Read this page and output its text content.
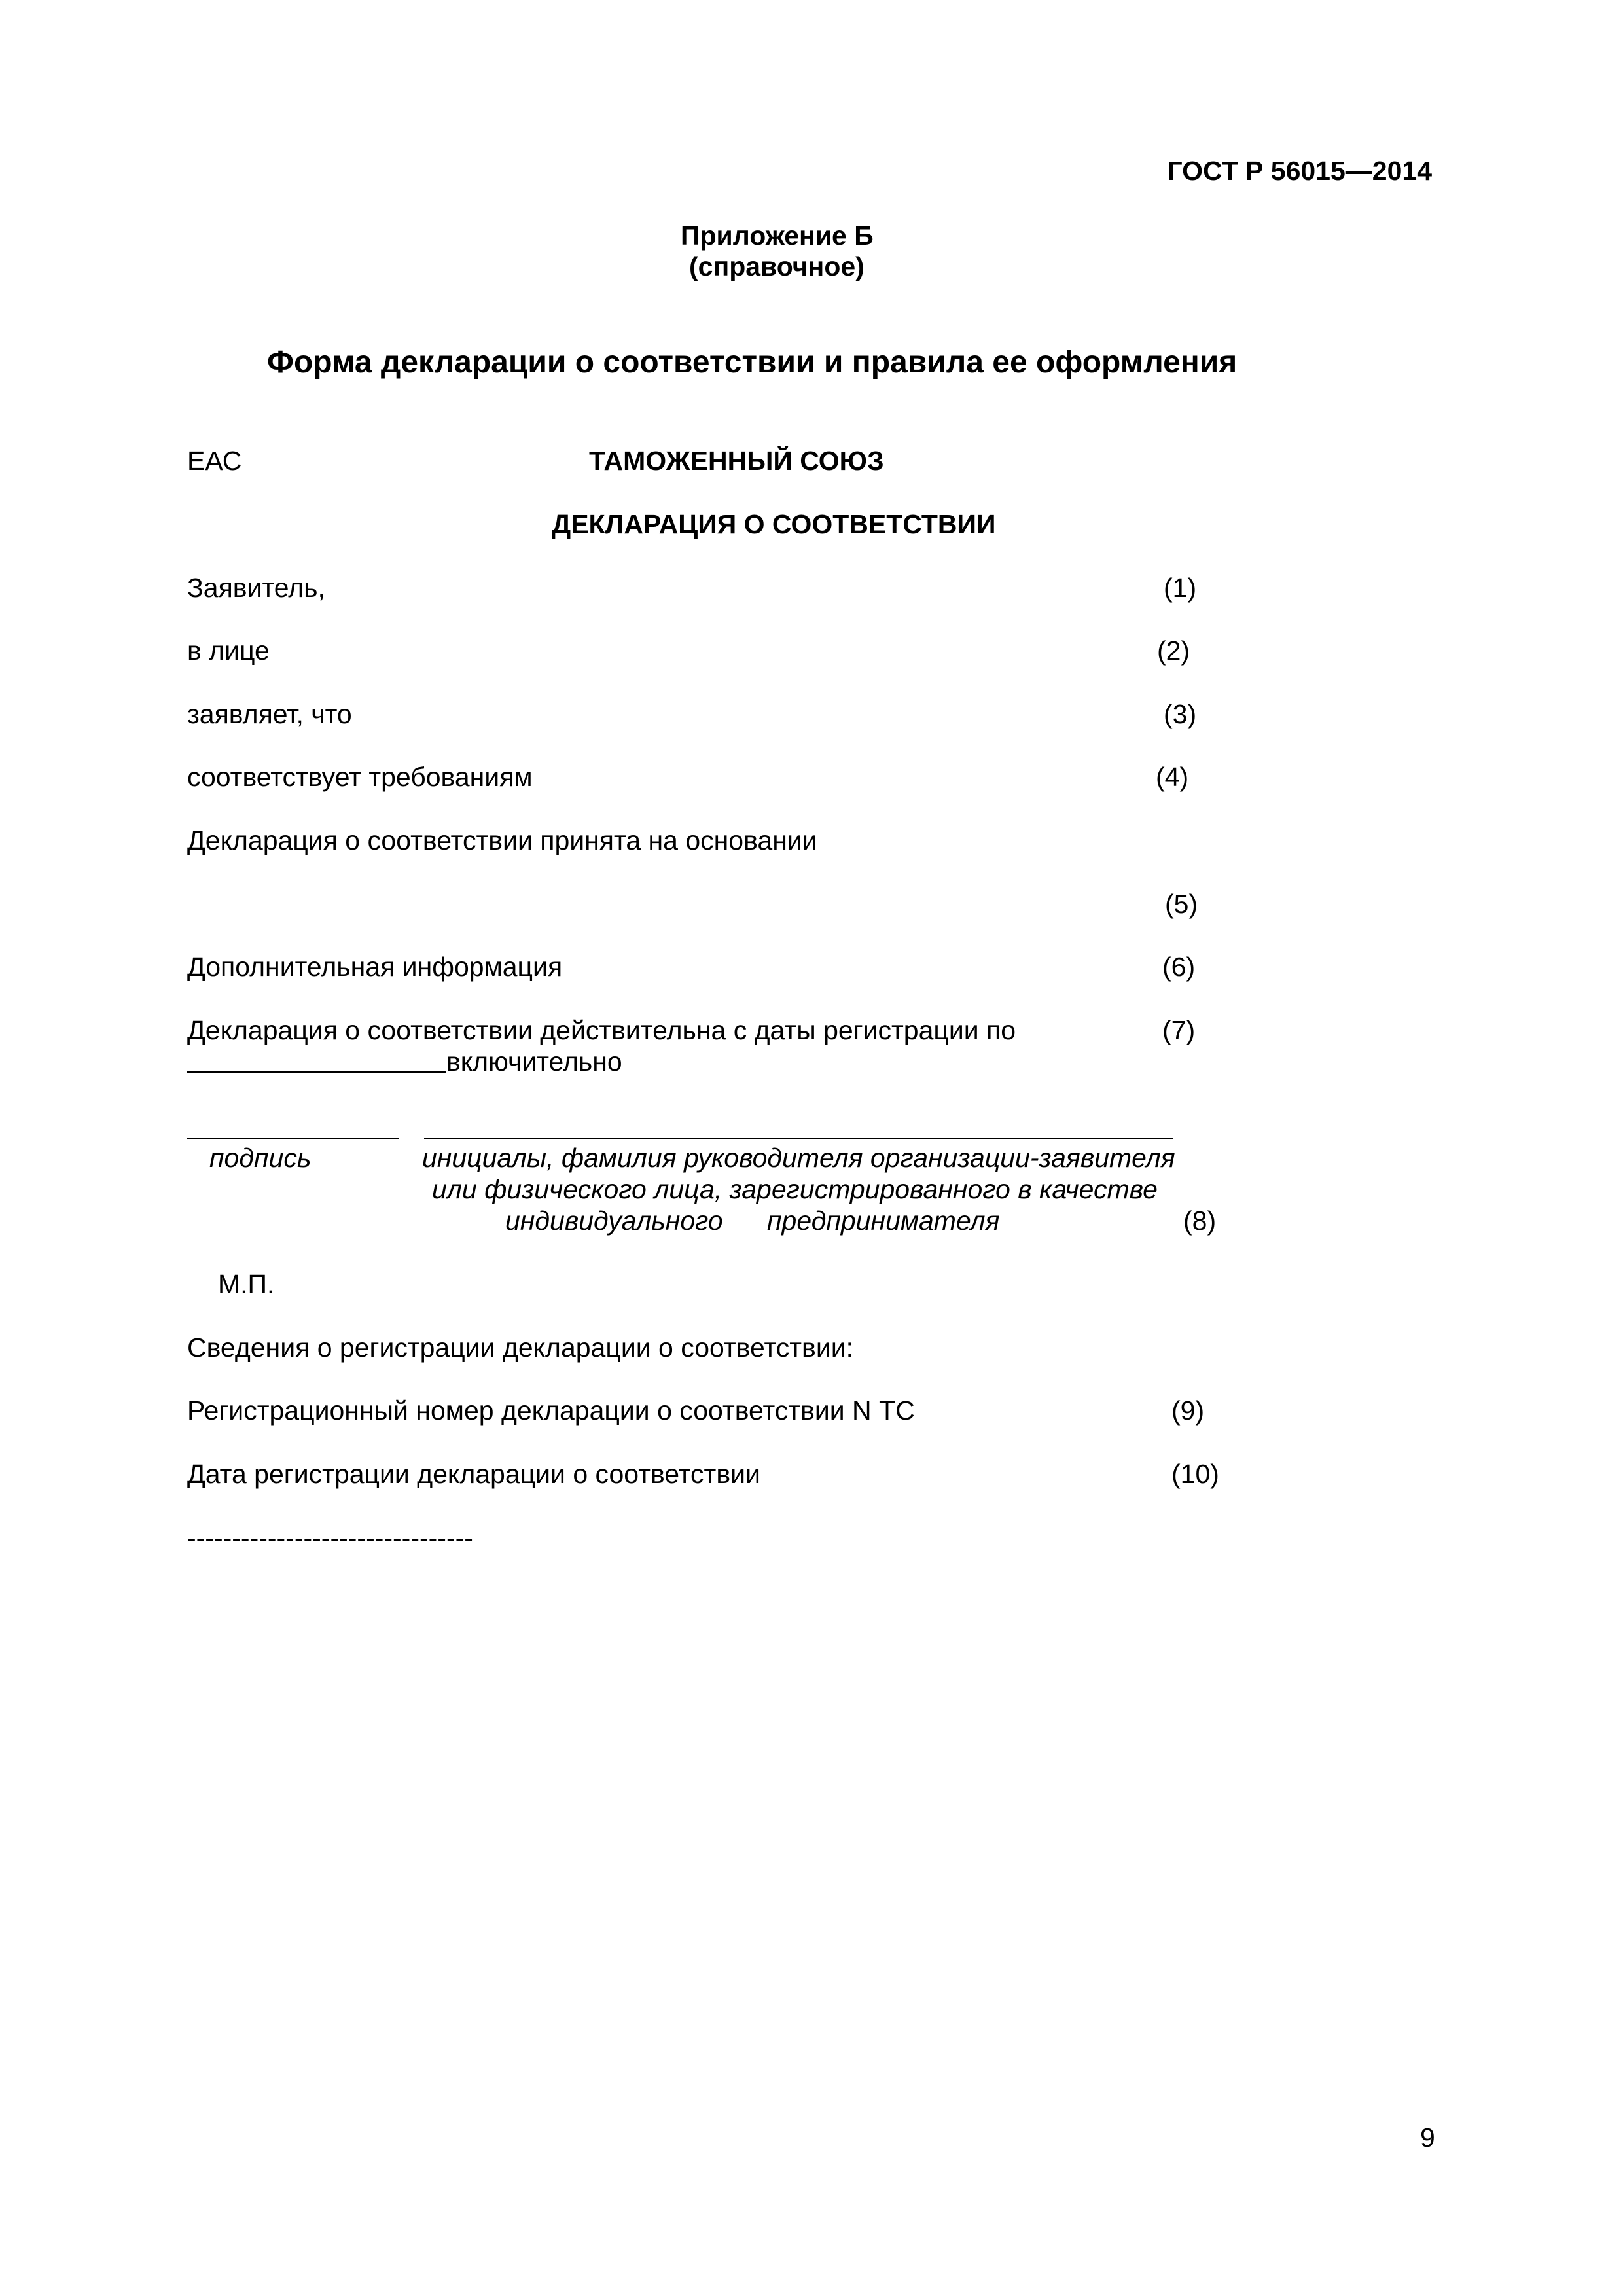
ГОСТ Р 56015—2014
Приложение Б
(справочное)
Форма декларации о соответствии и правила ее оформления
ЕАС	ТАМОЖЕННЫЙ СОЮЗ
ДЕКЛАРАЦИЯ О СООТВЕТСТВИИ
Заявитель,	(1)
в лице	(2)
заявляет, что	(3)
соответствует требованиям	(4)
Декларация о соответствии принята на основании
(5)
Дополнительная информация	(6)
Декларация о соответствии действительна с даты регистрации по	(7)
включительно
подпись	инициалы, фамилия руководителя организации-заявителя
или физического лица, зарегистрированного в качестве
индивидуального предпринимателя	(8)
М.П.
Сведения о регистрации декларации о соответствии:
Регистрационный номер декларации о соответствии N ТС	(9)
Дата регистрации декларации о соответствии	(10)
--------------------------------
9
